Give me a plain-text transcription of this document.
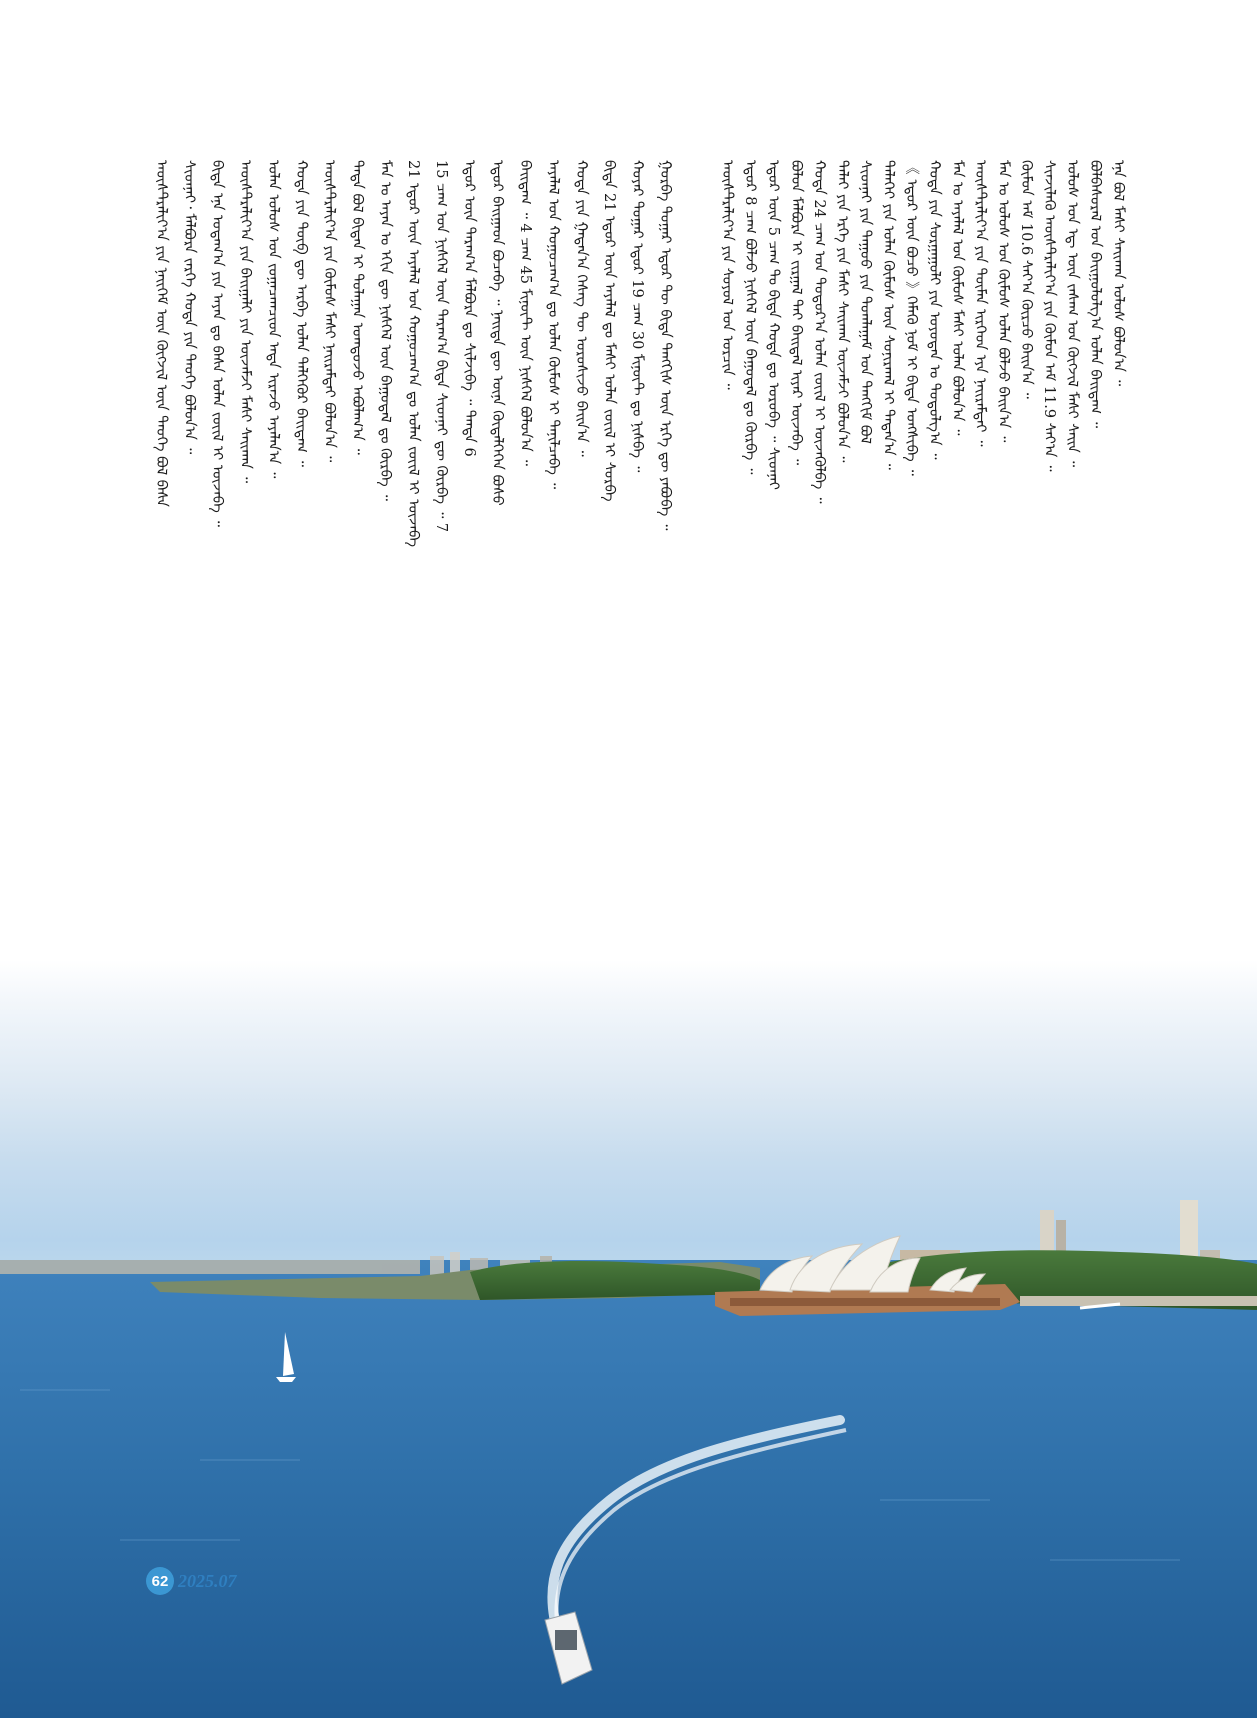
ᠠᠦ᠋ᠰᠲ᠋ᠷᠠᠯᠢᠶ᠎ᠠ ᠶᠢᠨ ᠨᠡᠢᠭᠡᠮ ᠦᠨ ᠬᠥᠭᠵᠢᠯ ᠦᠨ ᠲᠡᠦᠬᠡ ᠪᠣᠯ ᠪᠠᠰᠠ ᠰᠢᠳᠨᠡᠢ᠂ ᠮᠡᠯᠪᠣᠷᠨ ᠵᠡᠷᠭᠡ ᠬᠣᠲᠠ ᠶᠢᠨ ᠲᠡᠦᠬᠡ ᠪᠣᠯᠤᠨ᠎ᠠ ᠃ ᠪᠢᠳᠡ ᠡᠨᠡ ᠤᠳᠠᠭ᠎ᠠ ᠶᠢᠨ ᠠᠶᠠᠨ ᠳᠤ ᠪᠠᠰᠠ ᠣᠯᠠᠨ ᠵᠦᠢᠯ ᠢ ᠦᠵᠡᠪᠡ ᠃ ᠠᠦ᠋ᠰᠲ᠋ᠷᠠᠯᠢᠶ᠎ᠠ ᠶᠢᠨ ᠪᠠᠢᠭᠠᠯᠢ ᠶᠢᠨ ᠦᠵᠡᠮᠵᠢ ᠮᠠᠰᠢ ᠰᠠᠢᠬᠠᠨ ᠃ ᠣᠯᠠᠨ ᠤᠯᠤᠰ ᠤᠨ ᠵᠤᠭᠠᠴᠠᠭᠴᠢᠳ ᠡᠨᠳᠡ ᠢᠷᠡᠵᠦ ᠠᠶᠠᠯᠠᠨ᠎ᠠ ᠃ ᠬᠣᠲᠠ ᠶᠢᠨ ᠲᠥᠪ ᠳᠦ ᠠᠷᠪᠠ ᠣᠯᠠᠨ ᠳᠡᠯᠭᠡᠭᠦᠷ ᠪᠠᠢᠳᠠᠭ ᠃ ᠠᠦ᠋ᠰᠲ᠋ᠷᠠᠯᠢᠶ᠎ᠠ ᠶᠢᠨ ᠬᠦᠮᠦᠰ ᠮᠠᠰᠢ ᠨᠠᠢᠷᠠᠮᠳᠠᠢ ᠪᠣᠯᠤᠨ᠎ᠠ ᠃ ᠲᠡᠳᠡ ᠪᠣᠯ ᠪᠢᠳᠡᠨ ᠢ ᠳᠤᠯᠠᠭᠠᠨ ᠤᠭᠲᠤᠵᠤ ᠠᠪᠤᠯᠠᠭ᠎ᠠ ᠃ ᠮᠠᠨ ᠤ ᠠᠶᠠᠨ ᠤ ᠡᠬᠢᠨ ᠳᠦ ᠨᠢᠰᠬᠡᠯ ᠦᠨ ᠪᠠᠭᠤᠳᠠᠯ ᠳᠤ ᠬᠦᠷᠪᠡ ᠃ 21 ᠡᠳᠦᠷ ᠦᠨ ᠠᠶᠠᠯᠠᠯ ᠤᠨ ᠬᠤᠭᠤᠴᠠᠭ᠎ᠠ ᠳᠤ ᠣᠯᠠᠨ ᠵᠦᠢᠯ ᠢ ᠦᠵᠡᠪᠡ 15 ᠴᠠᠭ ᠤᠨ ᠨᠢᠰᠬᠡᠯ ᠦᠨ ᠳᠠᠷᠠᠭ᠎ᠠ ᠪᠢᠳᠡ ᠰᠢᠳᠨᠡᠢ ᠳᠦ ᠬᠦᠷᠪᠡ ᠃ 7 ᠡᠳᠦᠷ ᠦᠨ ᠳᠠᠷᠠᠭ᠎ᠠ ᠮᠡᠯᠪᠣᠷᠨ ᠳᠤ ᠰᠢᠯᠵᠢᠪᠡ ᠃ ᠲᠡᠨᠳᠡ 6 ᠡᠳᠦᠷ ᠪᠠᠢᠭᠠᠳ ᠪᠤᠴᠠᠪᠠ ᠃ ᠨᠡᠢᠲᠡ ᠳᠦ ᠦᠨᠡ ᠬᠦᠳᠡᠯᠭᠡᠭᠡᠨ ᠪᠤᠰᠤ ᠪᠠᠢᠳᠠᠭ ᠃ 4 ᠴᠠᠭ 45 ᠮᠢᠨᠦ᠋ᠲ ᠦᠨ ᠨᠢᠰᠬᠡᠯ ᠪᠣᠯᠤᠨ᠎ᠠ ᠃ ᠠᠶᠠᠯᠠᠯ ᠤᠨ ᠬᠤᠭᠤᠴᠠᠭ᠎ᠠ ᠳᠤ ᠣᠯᠠᠨ ᠬᠦᠮᠦᠰ ᠢ ᠲᠠᠨᠢᠯᠴᠠᠪᠠ ᠃ ᠬᠣᠲᠠ ᠶᠢᠨ ᠭᠠᠳᠠᠨ᠎ᠠ ᠬᠡᠰᠡᠭ ᠲᠦ ᠣᠷᠣᠰᠢᠵᠤ ᠪᠠᠢᠨ᠎ᠠ ᠃ ᠪᠢᠳᠡ 21 ᠡᠳᠦᠷ ᠦᠨ ᠠᠶᠠᠯᠠᠯ ᠳᠤ ᠮᠠᠰᠢ ᠣᠯᠠᠨ ᠵᠦᠢᠯ ᠢ ᠰᠤᠷᠪᠠ ᠬᠣᠶᠠᠷ ᠳᠤᠭᠠᠷ ᠡᠳᠦᠷ 19 ᠴᠠᠭ 30 ᠮᠢᠨᠦ᠋ᠲ ᠳᠤ ᠨᠢᠰᠪᠡ ᠃ ᠭᠤᠷᠪᠠ ᠳᠤᠭᠠᠷ ᠡᠳᠦᠷ ᠲᠦ ᠪᠢᠳᠡ ᠲᠡᠩᠭᠢᠰ ᠦᠨ ᠡᠷᠭᠡ ᠳᠦ ᠶᠠᠪᠤᠪᠠ ᠃	ᠠᠦ᠋ᠰᠲ᠋ᠷᠠᠯᠢᠶ᠎ᠠ ᠶᠢᠨ ᠰᠣᠶᠣᠯ ᠤᠨ ᠣᠷᠴᠢᠨ ᠃ ᠡᠳᠦᠷ 8 ᠴᠠᠭ ᠪᠣᠯᠵᠤ ᠨᠢᠰᠬᠡᠯ ᠦᠨ ᠪᠠᠭᠤᠳᠠᠯ ᠳᠤ ᠬᠦᠷᠪᠡ ᠃ ᠡᠳᠦᠷ ᠦᠨ 5 ᠴᠠᠭ ᠲᠤ ᠪᠢᠳᠡ ᠬᠣᠲᠠ ᠳᠤ ᠣᠷᠣᠪᠠ ᠃ ᠰᠢᠳᠨᠡᠢ ᠪᠣᠯᠤᠨ ᠮᠡᠯᠪᠣᠷᠨ ᠢ ᠵᠢᠷᠭᠠᠯ ᠲᠠᠢ ᠪᠠᠢᠳᠠᠯ ᠢᠶᠠᠷ ᠦᠵᠡᠪᠡ ᠃ ᠬᠣᠲᠠ 24 ᠴᠠᠭ ᠤᠨ ᠳᠣᠲᠣᠷ᠎ᠠ ᠣᠯᠠᠨ ᠵᠦᠢᠯ ᠢ ᠦᠵᠡᠭᠦᠯᠪᠡ ᠃ ᠳᠠᠯᠠᠢ ᠶᠢᠨ ᠡᠷᠭᠡ ᠶᠢᠨ ᠮᠠᠰᠢ ᠰᠠᠢᠬᠠᠨ ᠦᠵᠡᠮᠵᠢ ᠪᠣᠯᠤᠨ᠎ᠠ ᠃ ᠰᠢᠳᠨᠡᠢ ᠶᠢᠨ ᠳᠠᠭᠤᠤ ᠶᠢᠨ ᠲᠣᠭᠯᠠᠭᠠᠮ ᠤᠨ ᠲᠠᠩᠬᠢᠮ ᠪᠣᠯ ᠳᠡᠯᠡᠬᠡᠢ ᠶᠢᠨ ᠣᠯᠠᠨ ᠬᠥᠮᠦᠰ ᠦᠨ ᠰᠣᠨᠢᠷᠬᠠᠯ ᠢ ᠲᠠᠲᠠᠨ᠎ᠠ ᠃ 《 ᠡᠳᠦᠷ ᠦᠨ ᠪᠣᠴᠣ 》ᠬᠡᠮᠡᠬᠦ ᠨᠣᠮ ᠢ ᠪᠢᠳᠡ ᠤᠩᠰᠢᠪᠠ ᠃ ᠬᠣᠲᠠ ᠶᠢᠨ ᠰᠤᠷᠭᠠᠭᠤᠯᠢ ᠶᠢᠨ ᠣᠶᠣᠲᠠᠨ ᠤ ᠳᠤᠳᠤᠯᠭ᠎ᠠ ᠃ ᠮᠠᠨ ᠤ ᠠᠶᠠᠯᠠᠯ ᠤᠨ ᠬᠦᠮᠦᠰ ᠮᠠᠰᠢ ᠣᠯᠠᠨ ᠪᠣᠯᠤᠨ᠎ᠠ ᠃ ᠠᠦ᠋ᠰᠲ᠋ᠷᠠᠯᠢᠶ᠎ᠠ ᠶᠢᠨ ᠲᠦᠮᠡᠨ ᠢᠷᠭᠡᠳ ᠡᠶᠡ ᠨᠠᠢᠷᠠᠮᠳᠠᠢ ᠃ ᠮᠠᠨ ᠤ ᠤᠯᠤᠰ ᠤᠨ ᠬᠦᠮᠦᠰ ᠣᠯᠠᠨ ᠪᠣᠯᠵᠤ ᠪᠠᠢᠨ᠎ᠠ ᠃ ᠬᠦᠮᠦᠨ ᠠᠮ 10.6 ᠰᠠᠶ᠎ᠠ ᠬᠦᠷᠴᠦ ᠪᠠᠢᠨ᠎ᠠ ᠃ ᠰᠢᠨᠵᠢᠯᠡᠬᠦ ᠠᠦ᠋ᠰᠲ᠋ᠷᠠᠯᠢᠶ᠎ᠠ ᠶᠢᠨ ᠬᠦᠮᠦᠨ ᠠᠮ 11.9 ᠰᠠᠶ᠎ᠠ ᠃ ᠤᠯᠤᠰ ᠤᠨ ᠡᠳ᠋ ᠦᠨ ᠵᠠᠰᠠᠭ ᠤᠨ ᠬᠥᠭᠵᠢᠯ ᠮᠠᠰᠢ ᠰᠠᠢᠨ ᠃ ᠪᠣᠯᠪᠠᠰᠤᠷᠠᠯ ᠤᠨ ᠪᠠᠢᠭᠤᠯᠤᠯᠭ᠎ᠠ ᠣᠯᠠᠨ ᠪᠠᠢᠳᠠᠭ ᠃ ᠡᠨᠡ ᠪᠣᠯ ᠮᠠᠰᠢ ᠰᠠᠢᠬᠠᠨ ᠤᠯᠤᠰ ᠪᠣᠯᠤᠨ᠎ᠠ ᠃
62 2025.07
